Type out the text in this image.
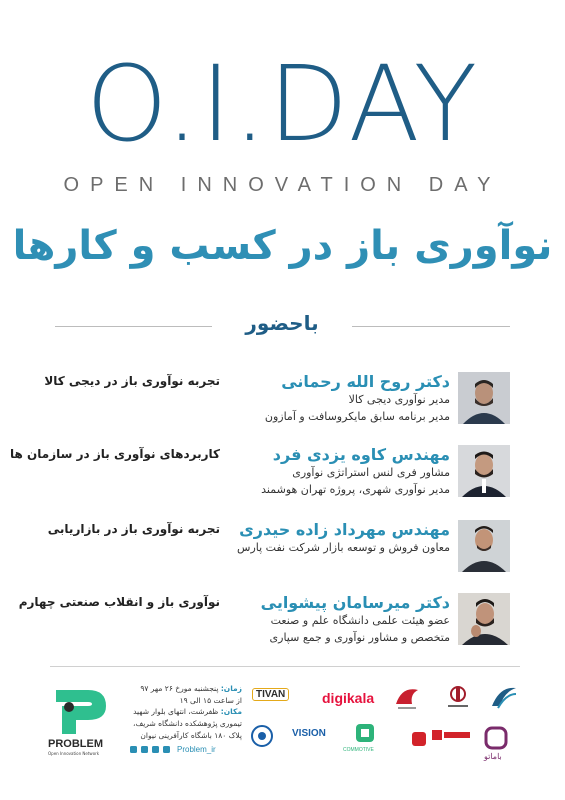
O.I.DAY
OPEN INNOVATION DAY
نوآوری باز در کسب و کارها
باحضور
دکتر روح الله رحمانی
مدیر نوآوری دیجی کالا
مدیر برنامه سابق مایکروسافت و آمازون
تجربه نوآوری باز در دیجی کالا
مهندس کاوه یزدی فرد
مشاور فری لنس استراتژی نوآوری
مدیر نوآوری شهری، پروژه تهران هوشمند
کاربردهای نوآوری باز در سازمان ها
مهندس مهرداد زاده حیدری
معاون فروش و توسعه بازار شرکت نفت پارس
تجربه نوآوری باز در بازاریابی
دکتر میرسامان پیشوایی
عضو هیئت علمی دانشگاه علم و صنعت
متخصص و مشاور نوآوری و جمع سپاری
نوآوری باز و انقلاب صنعتی چهارم
PROBLEM
Open Innovation Network
زمان: پنجشنبه مورخ ۲۶ مهر ۹۷
از ساعت ۱۵ الی ۱۹
مکان: ظفرشت، انتهای بلوار شهید تیموری پژوهشکده دانشگاه شریف، پلاک ۱۸۰ باشگاه کارآفرینی نیوان
Problem_ir
digikala
TIVAN
باماتو
COMMOTIVE
VISION
